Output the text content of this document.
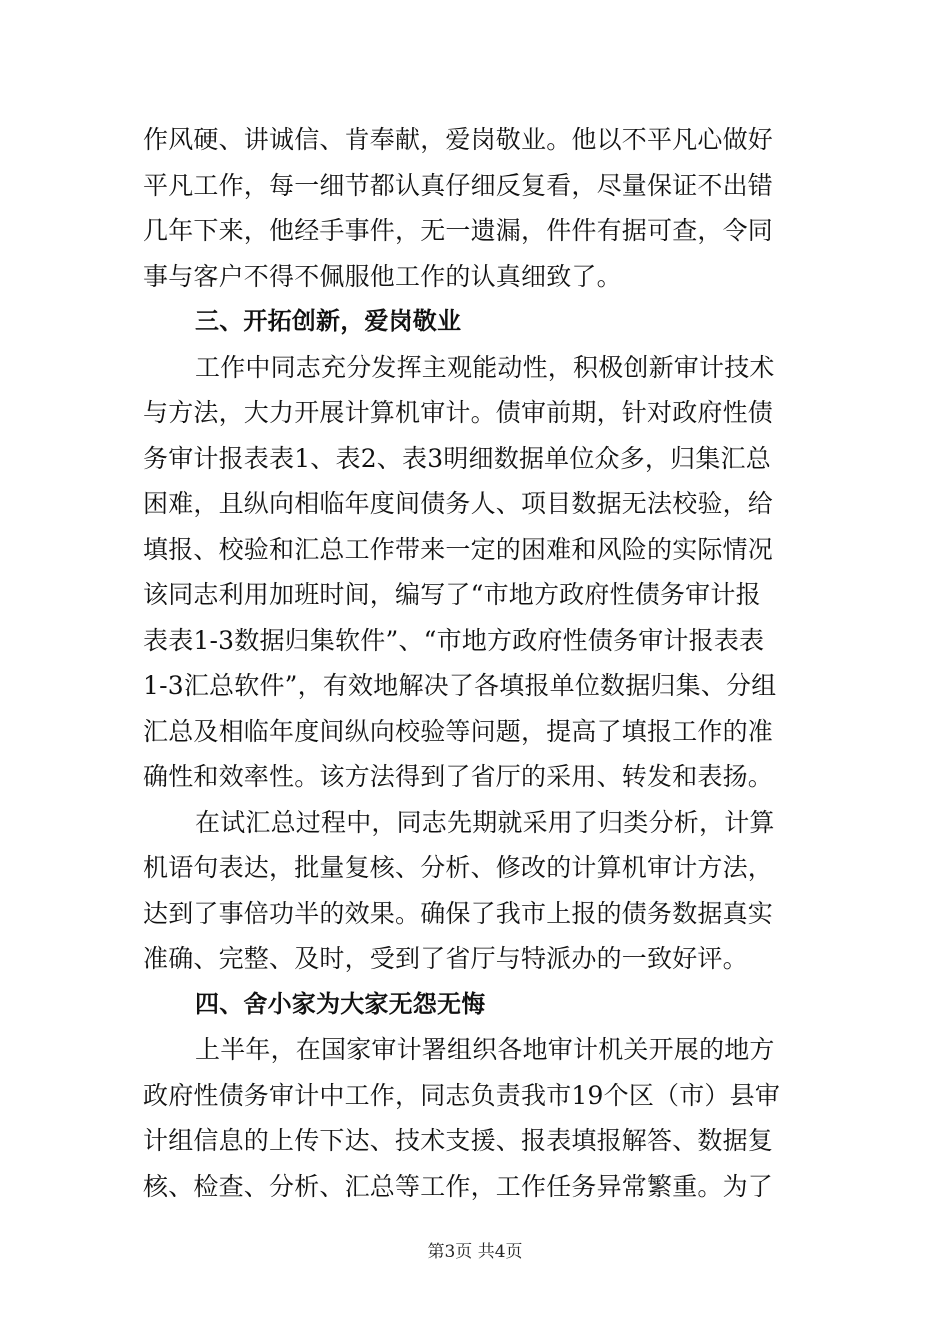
作风硬、讲诚信、肯奉献，爱岗敬业。他以不平凡心做好
平凡工作，每一细节都认真仔细反复看，尽量保证不出错
几年下来，他经手事件，无一遗漏，件件有据可查，令同
事与客户不得不佩服他工作的认真细致了。
三、开拓创新，爱岗敬业
工作中同志充分发挥主观能动性，积极创新审计技术
与方法，大力开展计算机审计。债审前期，针对政府性债
务审计报表表1、表2、表3明细数据单位众多，归集汇总
困难，且纵向相临年度间债务人、项目数据无法校验，给
填报、校验和汇总工作带来一定的困难和风险的实际情况
该同志利用加班时间，编写了“市地方政府性债务审计报
表表1-3数据归集软件”、“市地方政府性债务审计报表表
1-3汇总软件”，有效地解决了各填报单位数据归集、分组
汇总及相临年度间纵向校验等问题，提高了填报工作的准
确性和效率性。该方法得到了省厅的采用、转发和表扬。
在试汇总过程中，同志先期就采用了归类分析，计算
机语句表达，批量复核、分析、修改的计算机审计方法，
达到了事倍功半的效果。确保了我市上报的债务数据真实
准确、完整、及时，受到了省厅与特派办的一致好评。
四、舍小家为大家无怨无悔
上半年，在国家审计署组织各地审计机关开展的地方
政府性债务审计中工作，同志负责我市19个区（市）县审
计组信息的上传下达、技术支援、报表填报解答、数据复
核、检查、分析、汇总等工作，工作任务异常繁重。为了
第3页 共4页
